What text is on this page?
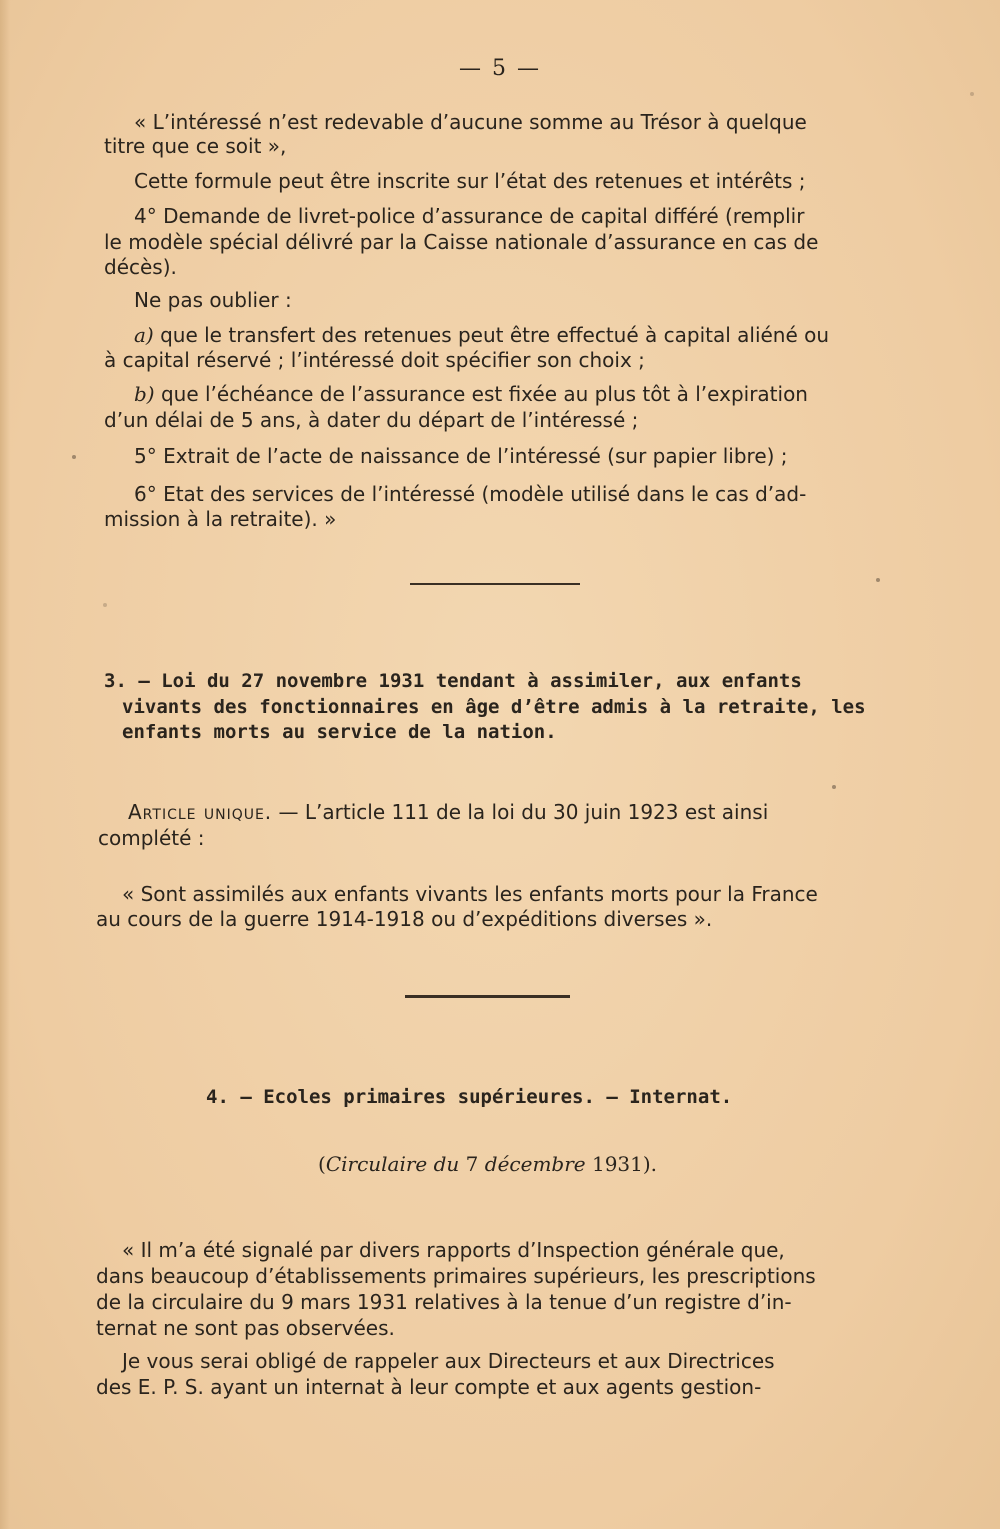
— 5 —
« L’intéressé n’est redevable d’aucune somme au Trésor à quelque
titre que ce soit »,
Cette formule peut être inscrite sur l’état des retenues et intérêts ;
4° Demande de livret-police d’assurance de capital différé (remplir
le modèle spécial délivré par la Caisse nationale d’assurance en cas de
décès).
Ne pas oublier :
a) que le transfert des retenues peut être effectué à capital aliéné ou
à capital réservé ; l’intéressé doit spécifier son choix ;
b) que l’échéance de l’assurance est fixée au plus tôt à l’expiration
d’un délai de 5 ans, à dater du départ de l’intéressé ;
5° Extrait de l’acte de naissance de l’intéressé (sur papier libre) ;
6° Etat des services de l’intéressé (modèle utilisé dans le cas d’ad-
mission à la retraite). »
3. — Loi du 27 novembre 1931 tendant à assimiler, aux enfants
vivants des fonctionnaires en âge d’être admis à la retraite, les
enfants morts au service de la nation.
Article unique. — L’article 111 de la loi du 30 juin 1923 est ainsi
complété :
« Sont assimilés aux enfants vivants les enfants morts pour la France
au cours de la guerre 1914-1918 ou d’expéditions diverses ».
4. — Ecoles primaires supérieures. — Internat.
(Circulaire du 7 décembre 1931).
« Il m’a été signalé par divers rapports d’Inspection générale que,
dans beaucoup d’établissements primaires supérieurs, les prescriptions
de la circulaire du 9 mars 1931 relatives à la tenue d’un registre d’in-
ternat ne sont pas observées.
Je vous serai obligé de rappeler aux Directeurs et aux Directrices
des E. P. S. ayant un internat à leur compte et aux agents gestion-
